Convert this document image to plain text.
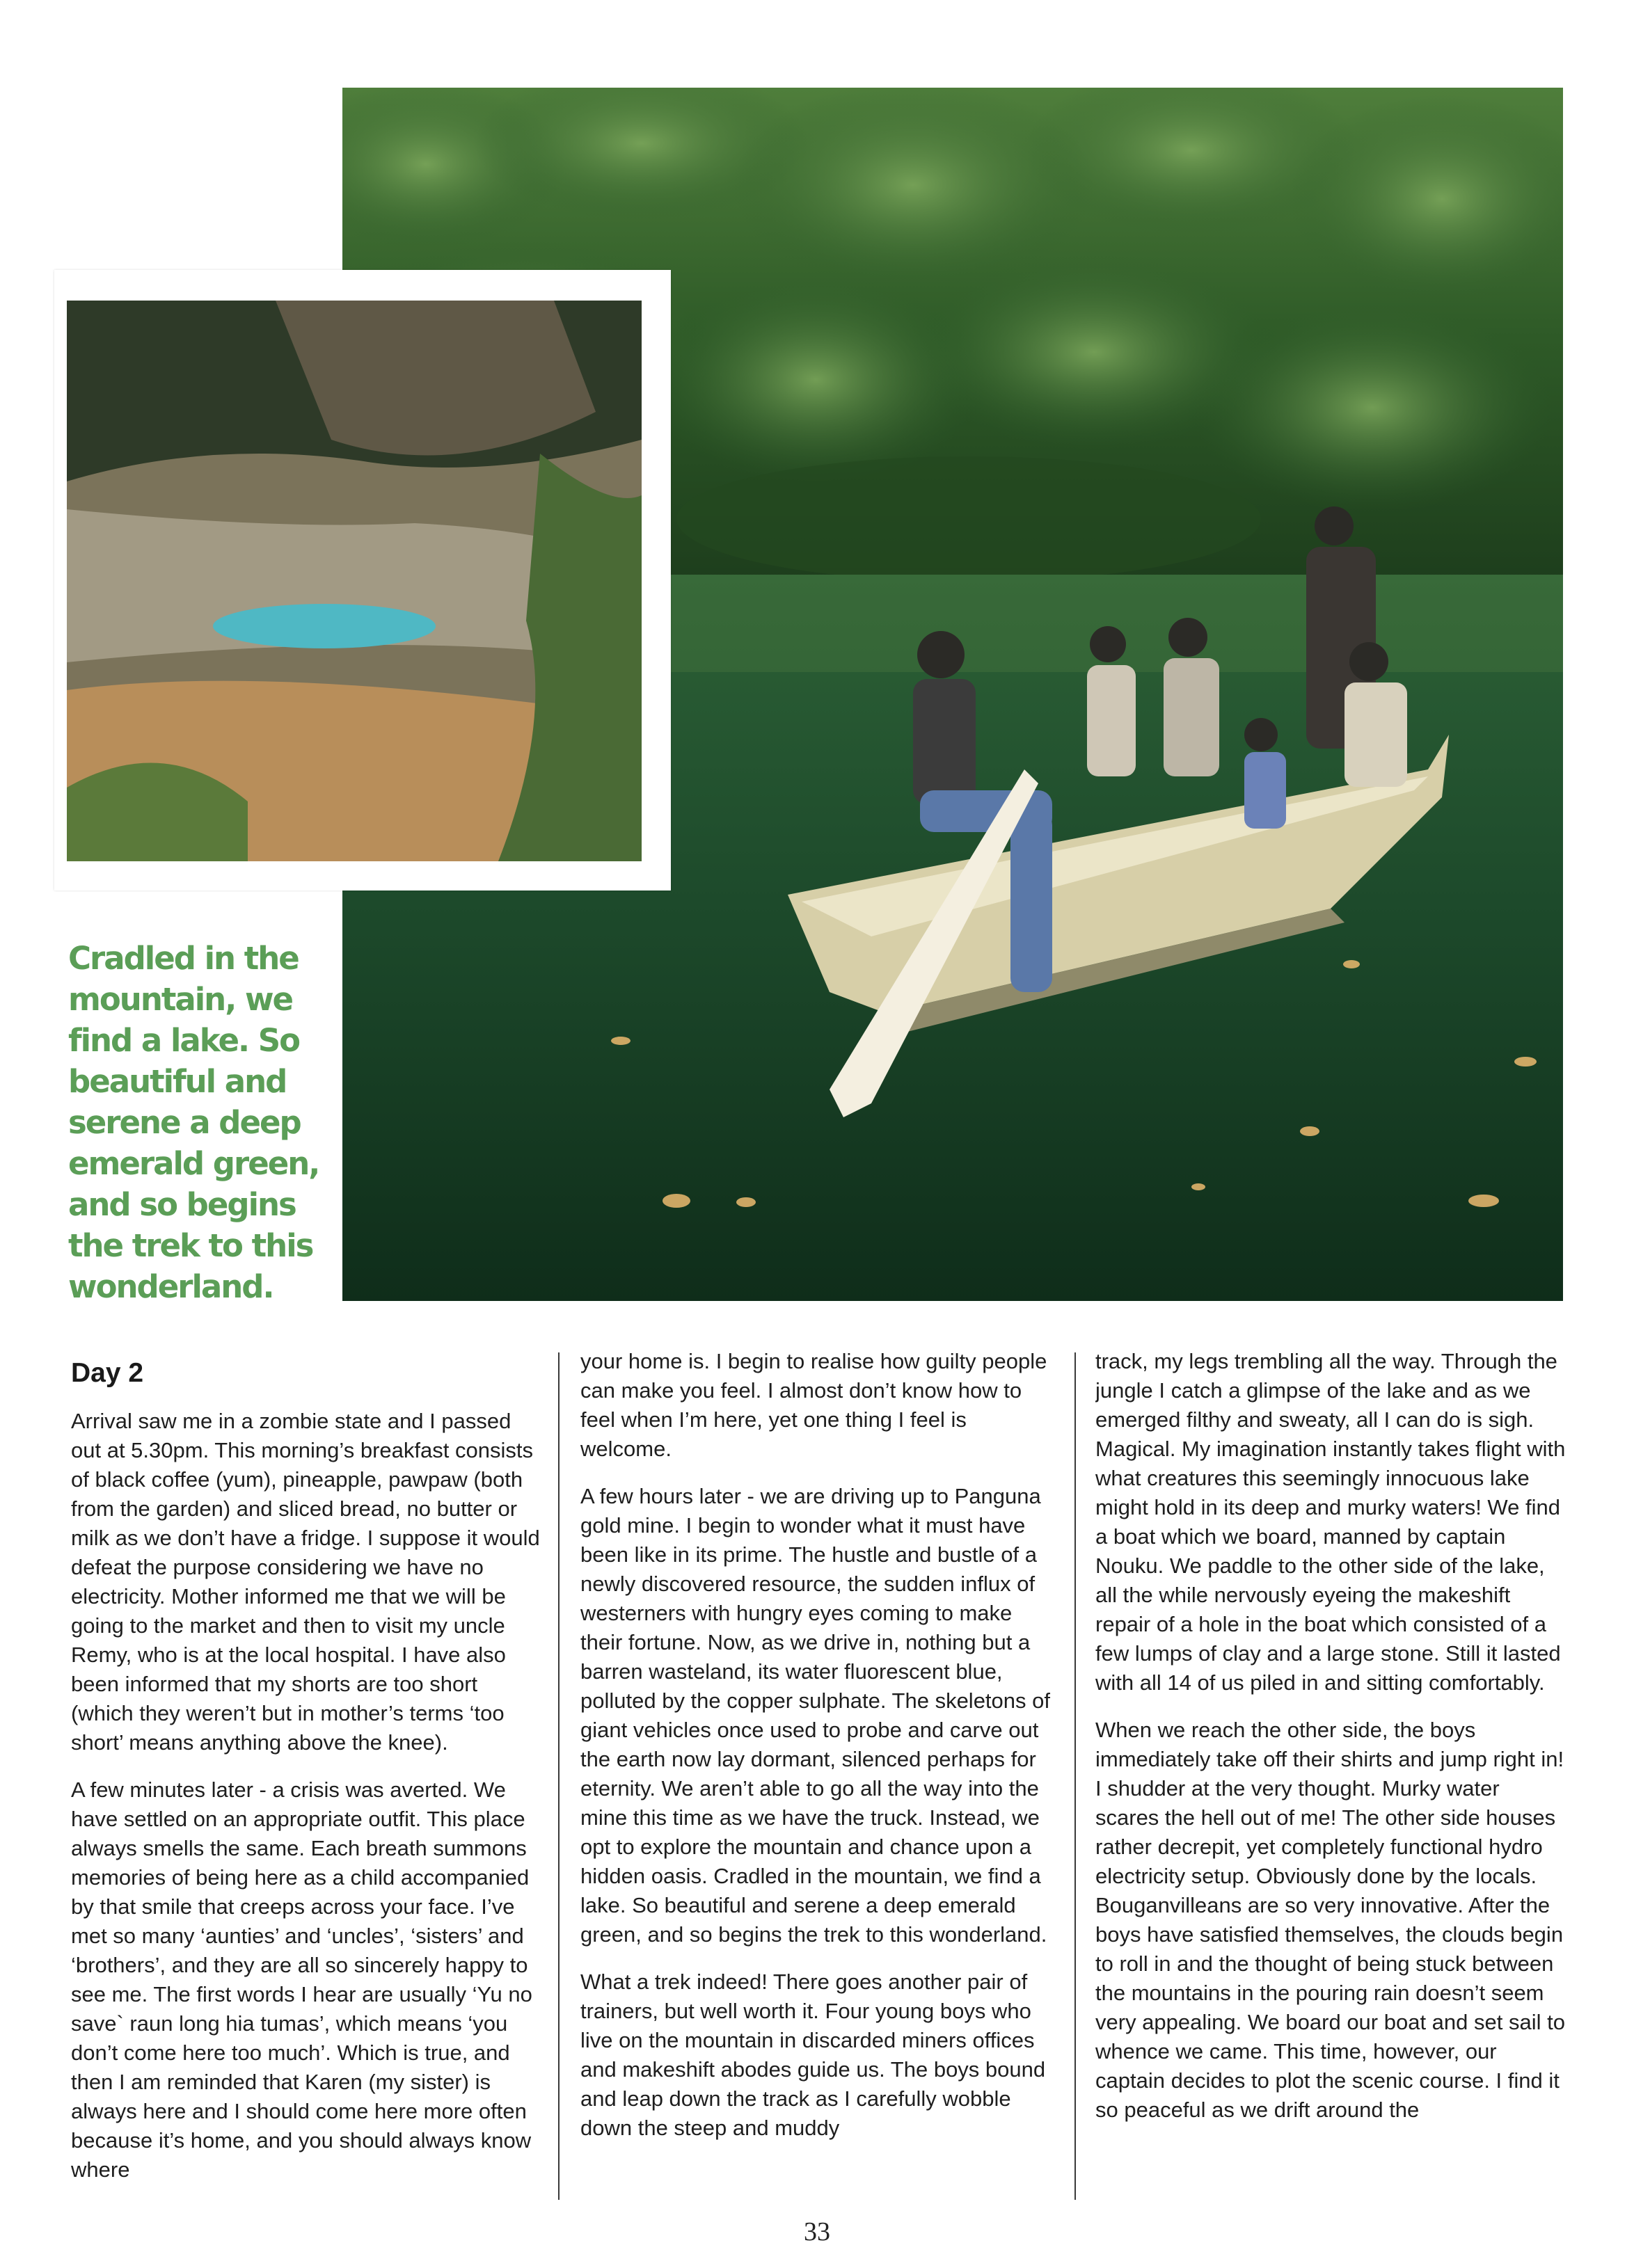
Cradled in the mountain, we find a lake. So beautiful and serene a deep emerald green, and so begins the trek to this wonderland.

Day 2

Arrival saw me in a zombie state and I passed out at 5.30pm. This morning’s breakfast consists of black coffee (yum), pineapple, pawpaw (both from the garden) and sliced bread, no butter or milk as we don’t have a fridge. I suppose it would defeat the purpose considering we have no electricity. Mother informed me that we will be going to the market and then to visit my uncle Remy, who is at the local hospital. I have also been informed that my shorts are too short (which they weren’t but in mother’s terms ‘too short’ means anything above the knee).

A few minutes later - a crisis was averted. We have settled on an appropriate outfit. This place always smells the same. Each breath summons memories of being here as a child accompanied by that smile that creeps across your face. I’ve met so many ‘aunties’ and ‘uncles’, ‘sisters’ and ‘brothers’, and they are all so sincerely happy to see me. The first words I hear are usually ‘Yu no save` raun long hia tumas’, which means ‘you don’t come here too much’. Which is true, and then I am reminded that Karen (my sister) is always here and I should come here more often because it’s home, and you should always know where

your home is. I begin to realise how guilty people can make you feel. I almost don’t know how to feel when I’m here, yet one thing I feel is welcome.

A few hours later - we are driving up to Panguna gold mine. I begin to wonder what it must have been like in its prime. The hustle and bustle of a newly discovered resource, the sudden influx of westerners with hungry eyes coming to make their fortune. Now, as we drive in, nothing but a barren wasteland, its water fluorescent blue, polluted by the copper sulphate. The skeletons of giant vehicles once used to probe and carve out the earth now lay dormant, silenced perhaps for eternity. We aren’t able to go all the way into the mine this time as we have the truck. Instead, we opt to explore the mountain and chance upon a hidden oasis. Cradled in the mountain, we find a lake. So beautiful and serene a deep emerald green, and so begins the trek to this wonderland.

What a trek indeed! There goes another pair of trainers, but well worth it. Four young boys who live on the mountain in discarded miners offices and makeshift abodes guide us. The boys bound and leap down the track as I carefully wobble down the steep and muddy

track, my legs trembling all the way. Through the jungle I catch a glimpse of the lake and as we emerged filthy and sweaty, all I can do is sigh. Magical. My imagination instantly takes flight with what creatures this seemingly innocuous lake might hold in its deep and murky waters! We find a boat which we board, manned by captain Nouku. We paddle to the other side of the lake, all the while nervously eyeing the makeshift repair of a hole in the boat which consisted of a few lumps of clay and a large stone. Still it lasted with all 14 of us piled in and sitting comfortably.

When we reach the other side, the boys immediately take off their shirts and jump right in! I shudder at the very thought. Murky water scares the hell out of me! The other side houses rather decrepit, yet completely functional hydro electricity setup. Obviously done by the locals. Bouganvilleans are so very innovative. After the boys have satisfied themselves, the clouds begin to roll in and the thought of being stuck between the mountains in the pouring rain doesn’t seem very appealing. We board our boat and set sail to whence we came. This time, however, our captain decides to plot the scenic course. I find it so peaceful as we drift around the

33
